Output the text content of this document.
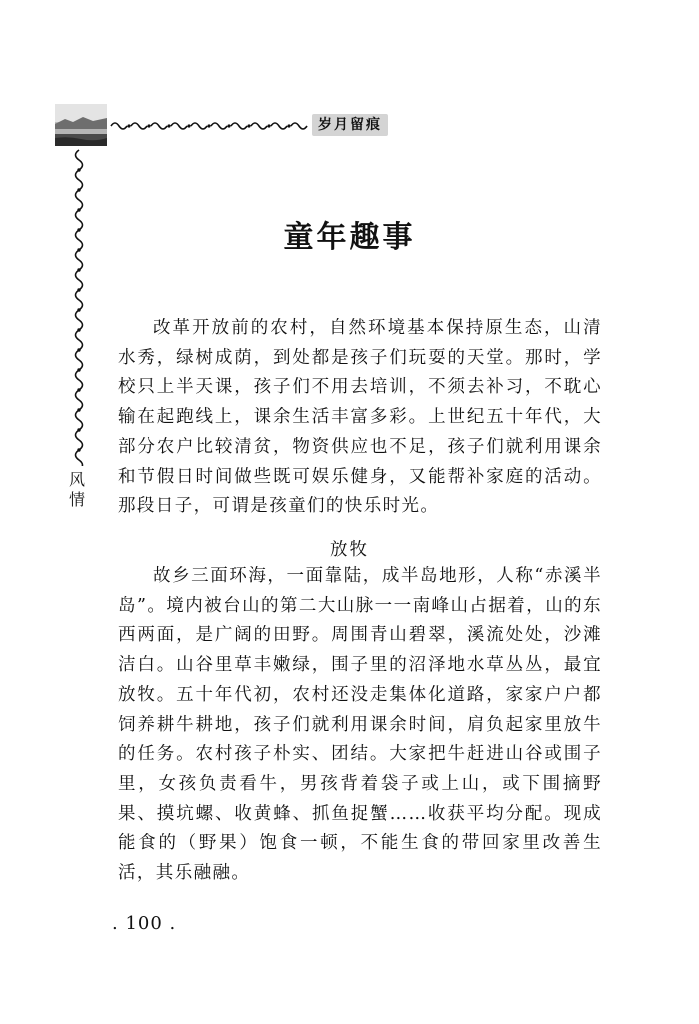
岁月留痕
风
情
童年趣事

改革开放前的农村，自然环境基本保持原生态，山清水秀，绿树成荫，到处都是孩子们玩耍的天堂。那时，学校只上半天课，孩子们不用去培训，不须去补习，不耽心输在起跑线上，课余生活丰富多彩。上世纪五十年代，大部分农户比较清贫，物资供应也不足，孩子们就利用课余和节假日时间做些既可娱乐健身，又能帮补家庭的活动。那段日子，可谓是孩童们的快乐时光。

放牧

故乡三面环海，一面靠陆，成半岛地形，人称“赤溪半岛”。境内被台山的第二大山脉一一南峰山占据着，山的东西两面，是广阔的田野。周围青山碧翠，溪流处处，沙滩洁白。山谷里草丰嫩绿，围子里的沼泽地水草丛丛，最宜放牧。五十年代初，农村还没走集体化道路，家家户户都饲养耕牛耕地，孩子们就利用课余时间，肩负起家里放牛的任务。农村孩子朴实、团结。大家把牛赶进山谷或围子里，女孩负责看牛，男孩背着袋子或上山，或下围摘野果、摸坑螺、收黄蜂、抓鱼捉蟹……收获平均分配。现成能食的（野果）饱食一顿，不能生食的带回家里改善生活，其乐融融。

. 100 .
